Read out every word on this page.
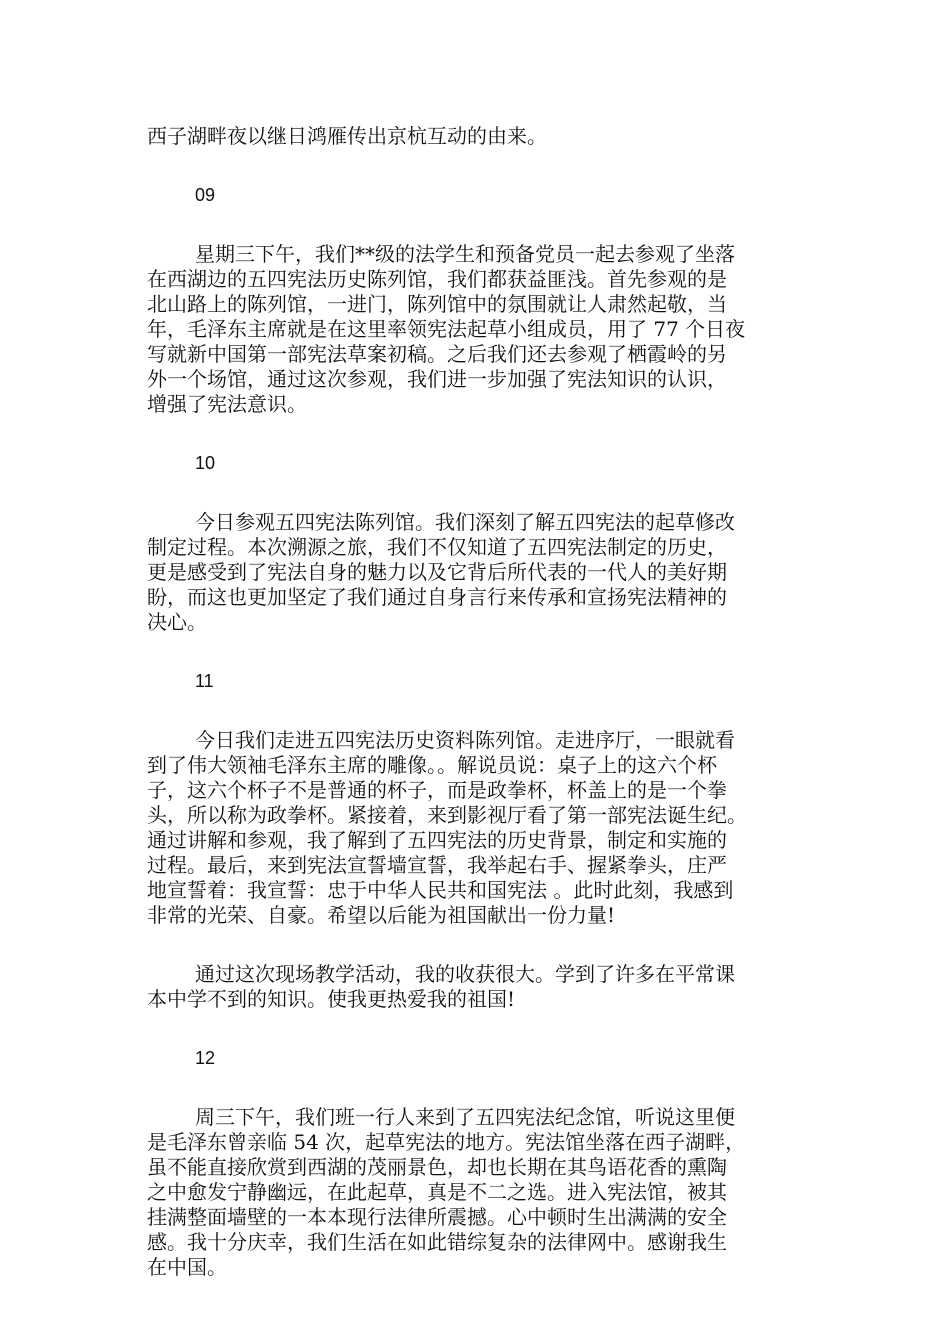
西子湖畔夜以继日鸿雁传出京杭互动的由来。

09

星期三下午，我们**级的法学生和预备党员一起去参观了坐落
在西湖边的五四宪法历史陈列馆，我们都获益匪浅。首先参观的是
北山路上的陈列馆，一进门，陈列馆中的氛围就让人肃然起敬，当
年，毛泽东主席就是在这里率领宪法起草小组成员，用了 77 个日夜
写就新中国第一部宪法草案初稿。之后我们还去参观了栖霞岭的另
外一个场馆，通过这次参观，我们进一步加强了宪法知识的认识，
增强了宪法意识。

10

今日参观五四宪法陈列馆。我们深刻了解五四宪法的起草修改
制定过程。本次溯源之旅，我们不仅知道了五四宪法制定的历史，
更是感受到了宪法自身的魅力以及它背后所代表的一代人的美好期
盼，而这也更加坚定了我们通过自身言行来传承和宣扬宪法精神的
决心。

11

今日我们走进五四宪法历史资料陈列馆。走进序厅，一眼就看
到了伟大领袖毛泽东主席的雕像。。解说员说：桌子上的这六个杯
子，这六个杯子不是普通的杯子，而是政拳杯，杯盖上的是一个拳
头，所以称为政拳杯。紧接着，来到影视厅看了第一部宪法诞生纪。
通过讲解和参观，我了解到了五四宪法的历史背景，制定和实施的
过程。最后，来到宪法宣誓墙宣誓，我举起右手、握紧拳头，庄严
地宣誓着：我宣誓：忠于中华人民共和国宪法 。此时此刻，我感到
非常的光荣、自豪。希望以后能为祖国献出一份力量!

通过这次现场教学活动，我的收获很大。学到了许多在平常课
本中学不到的知识。使我更热爱我的祖国!

12

周三下午，我们班一行人来到了五四宪法纪念馆，听说这里便
是毛泽东曾亲临 54 次，起草宪法的地方。宪法馆坐落在西子湖畔，
虽不能直接欣赏到西湖的茂丽景色，却也长期在其鸟语花香的熏陶
之中愈发宁静幽远，在此起草，真是不二之选。进入宪法馆，被其
挂满整面墙壁的一本本现行法律所震撼。心中顿时生出满满的安全
感。我十分庆幸，我们生活在如此错综复杂的法律网中。感谢我生
在中国。
